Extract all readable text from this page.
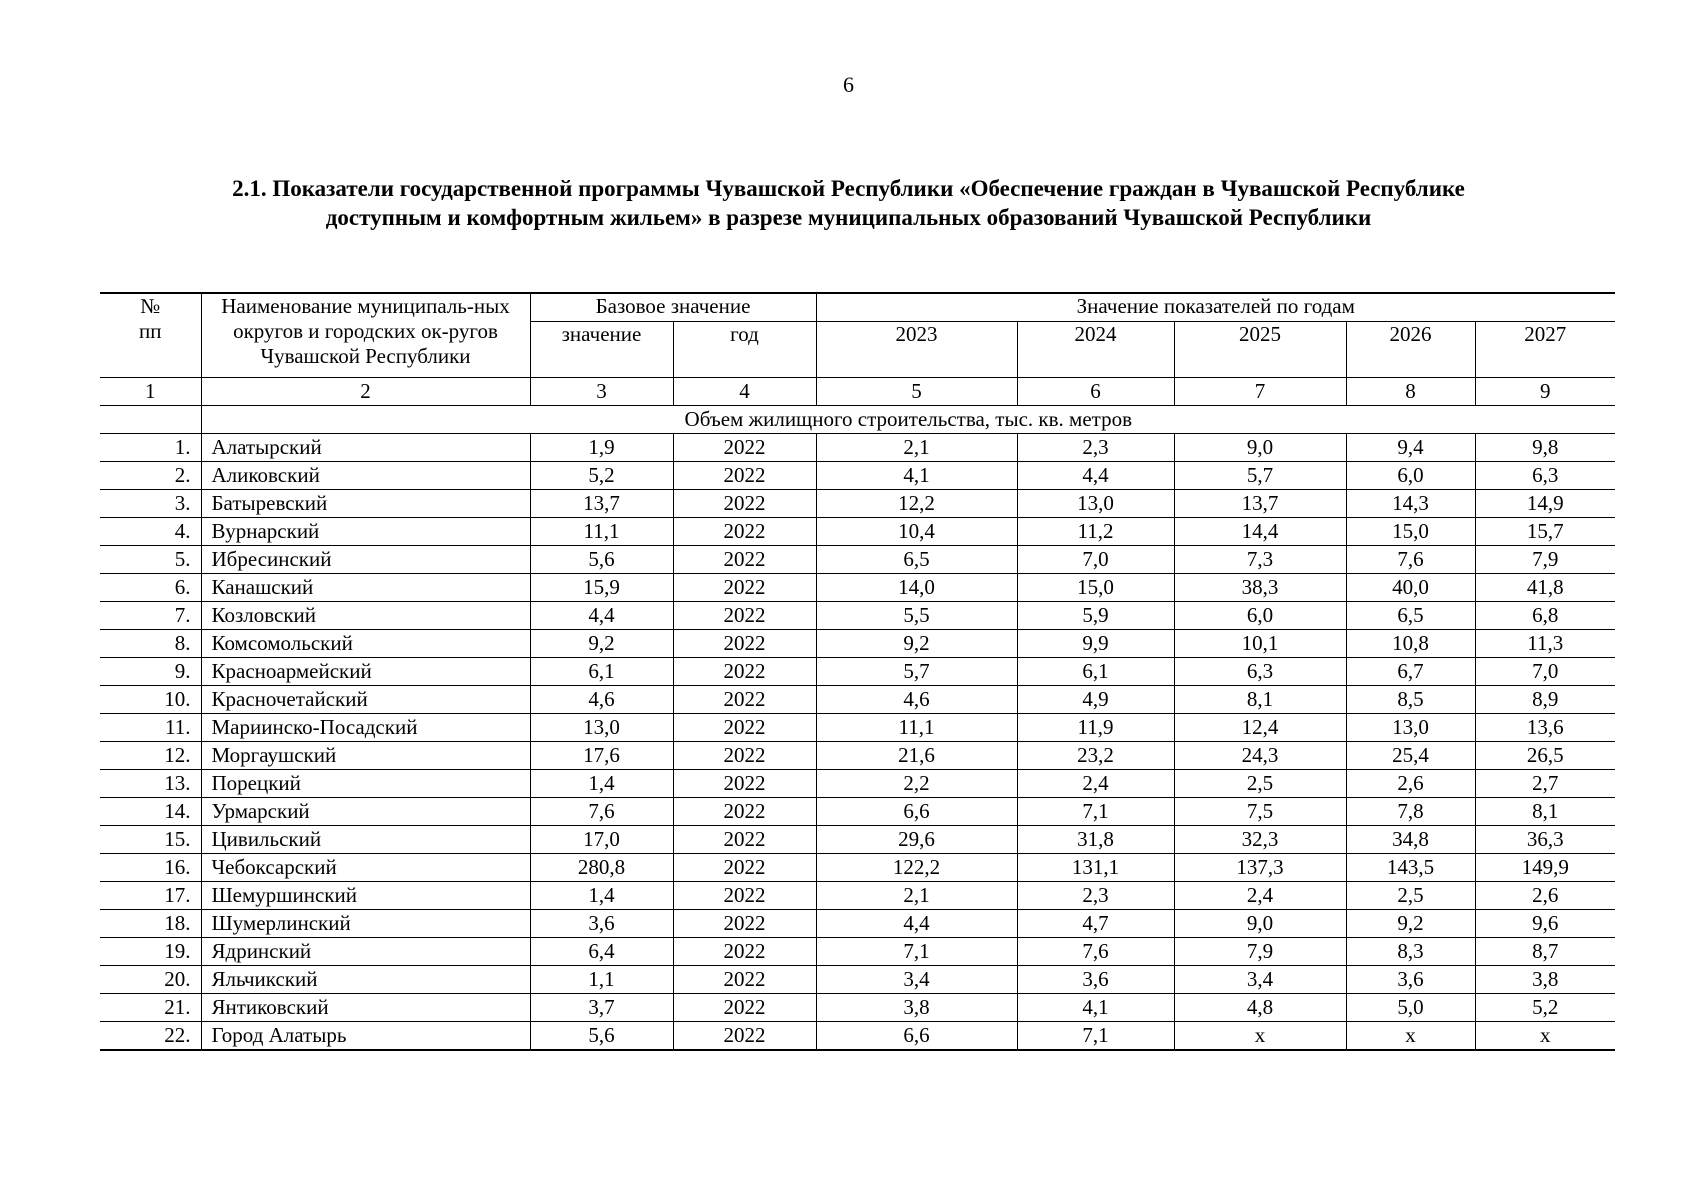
6
2.1. Показатели государственной программы Чувашской Республики «Обеспечение граждан в Чувашской Республике
доступным и комфортным жильем» в разрезе муниципальных образований Чувашской Республики
№
пп	Наименование муниципаль-ных округов и городских ок-ругов Чувашской Республики	Базовое значение		Значение показателей по годам				
		значение	год	2023	2024	2025	2026	2027
1	2	3	4	5	6	7	8	9
	Объем жилищного строительства, тыс. кв. метров							
1.	Алатырский	1,9	2022	2,1	2,3	9,0	9,4	9,8
2.	Аликовский	5,2	2022	4,1	4,4	5,7	6,0	6,3
3.	Батыревский	13,7	2022	12,2	13,0	13,7	14,3	14,9
4.	Вурнарский	11,1	2022	10,4	11,2	14,4	15,0	15,7
5.	Ибресинский	5,6	2022	6,5	7,0	7,3	7,6	7,9
6.	Канашский	15,9	2022	14,0	15,0	38,3	40,0	41,8
7.	Козловский	4,4	2022	5,5	5,9	6,0	6,5	6,8
8.	Комсомольский	9,2	2022	9,2	9,9	10,1	10,8	11,3
9.	Красноармейский	6,1	2022	5,7	6,1	6,3	6,7	7,0
10.	Красночетайский	4,6	2022	4,6	4,9	8,1	8,5	8,9
11.	Мариинско-Посадский	13,0	2022	11,1	11,9	12,4	13,0	13,6
12.	Моргаушский	17,6	2022	21,6	23,2	24,3	25,4	26,5
13.	Порецкий	1,4	2022	2,2	2,4	2,5	2,6	2,7
14.	Урмарский	7,6	2022	6,6	7,1	7,5	7,8	8,1
15.	Цивильский	17,0	2022	29,6	31,8	32,3	34,8	36,3
16.	Чебоксарский	280,8	2022	122,2	131,1	137,3	143,5	149,9
17.	Шемуршинский	1,4	2022	2,1	2,3	2,4	2,5	2,6
18.	Шумерлинский	3,6	2022	4,4	4,7	9,0	9,2	9,6
19.	Ядринский	6,4	2022	7,1	7,6	7,9	8,3	8,7
20.	Яльчикский	1,1	2022	3,4	3,6	3,4	3,6	3,8
21.	Янтиковский	3,7	2022	3,8	4,1	4,8	5,0	5,2
22.	Город Алатырь	5,6	2022	6,6	7,1	х	х	х
